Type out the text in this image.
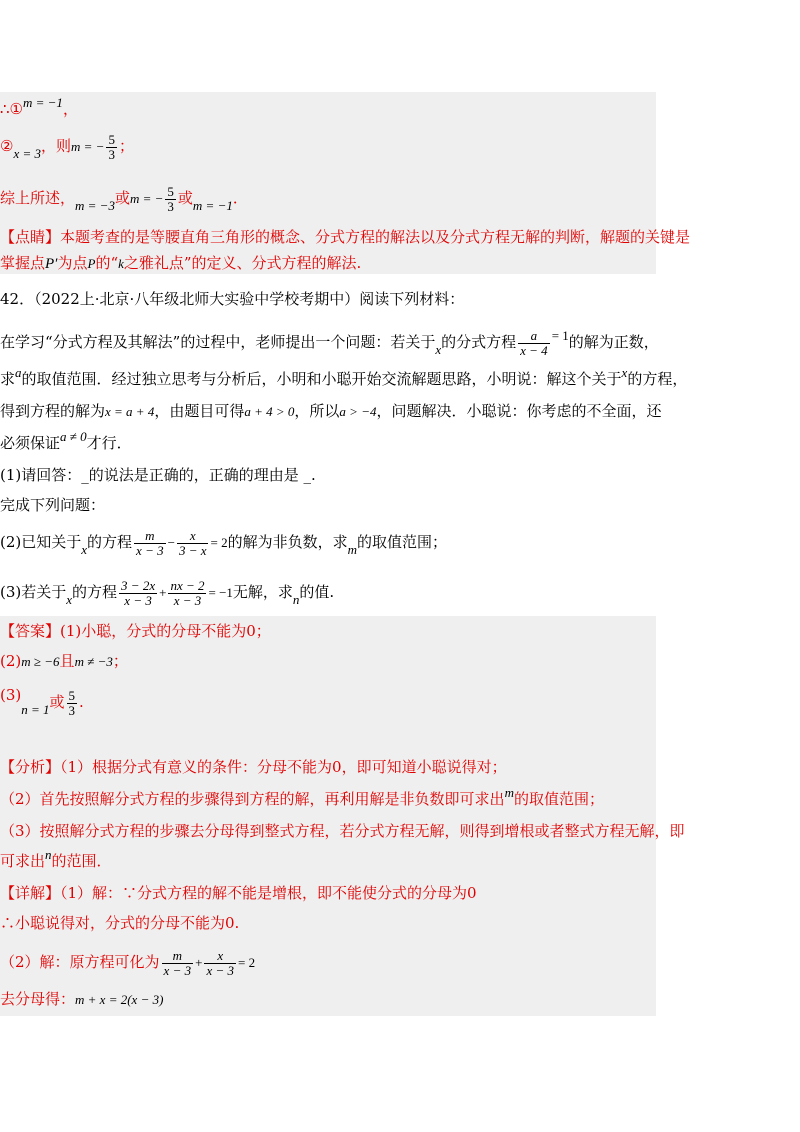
∴①m = −1，
②x = 3，则m = − $\frac{5}{3}$ ；
综上所述，m = −3或m = − $\frac{5}{3}$ 或m = −1．
【点睛】本题考查的是等腰直角三角形的概念、分式方程的解法以及分式方程无解的判断，解题的关键是
掌握点P′为点P的“k之雅礼点”的定义、分式方程的解法.
42．（2022上·北京·八年级北师大实验中学校考期中）阅读下列材料：
在学习“分式方程及其解法”的过程中，老师提出一个问题：若关于x的分式方程 $\frac{a}{x - 4} = 1$的解为正数，
求a的取值范围．经过独立思考与分析后，小明和小聪开始交流解题思路，小明说：解这个关于x的方程，
得到方程的解为x = a + 4，由题目可得a + 4 > 0，所以a > −4，问题解决．小聪说：你考虑的不全面，还
必须保证a ≠ 0才行．
(1)请回答：_的说法是正确的，正确的理由是 _.
完成下列问题：
(2)已知关于x的方程 $\frac{m}{x - 3} - \frac{x}{3 - x} = 2$的解为非负数，求m的取值范围；
(3)若关于x的方程 $\frac{3 - 2x}{x - 3} + \frac{nx - 2}{x - 3} = -1$无解，求n的值.
【答案】(1)小聪，分式的分母不能为0；
(2)m ≥ −6且m ≠ −3；
(3)n = 1或 $\frac{5}{3}$ .
【分析】（1）根据分式有意义的条件：分母不能为0，即可知道小聪说得对；
（2）首先按照解分式方程的步骤得到方程的解，再利用解是非负数即可求出m的取值范围；
（3）按照解分式方程的步骤去分母得到整式方程，若分式方程无解，则得到增根或者整式方程无解，即
可求出n的范围．
【详解】（1）解：∵分式方程的解不能是增根，即不能使分式的分母为0
∴小聪说得对，分式的分母不能为0.
（2）解：原方程可化为 $\frac{m}{x - 3} + \frac{x}{x - 3} = 2$
去分母得：m + x = 2(x − 3)
